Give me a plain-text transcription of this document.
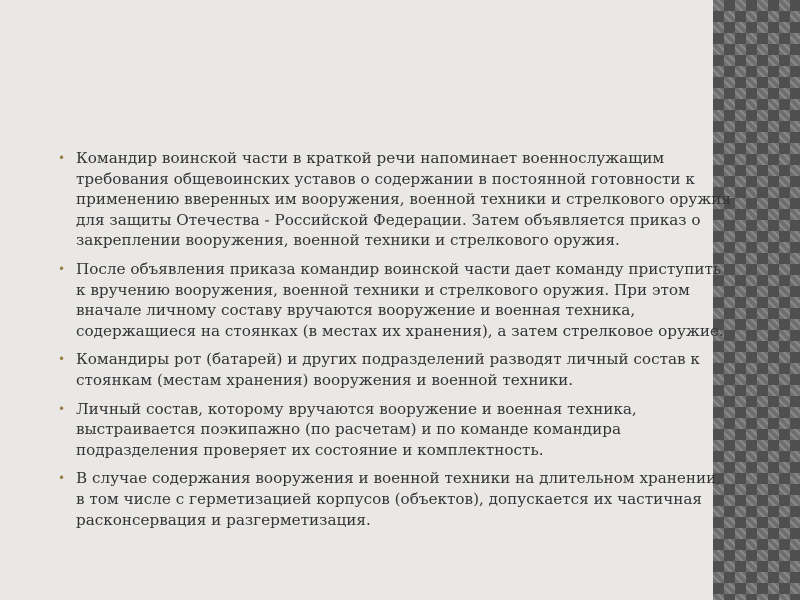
• Командир воинской части в краткой речи напоминает военнослужащим требования общевоинских уставов о содержании в постоянной готовности к применению вверенных им вооружения, военной техники и стрелкового оружия для защиты Отечества - Российской Федерации. Затем объявляется приказ о закреплении вооружения, военной техники и стрелкового оружия.
• После объявления приказа командир воинской части дает команду приступить к вручению вооружения, военной техники и стрелкового оружия. При этом вначале личному составу вручаются вооружение и военная техника, содержащиеся на стоянках (в местах их хранения), а затем стрелковое оружие.
• Командиры рот (батарей) и других подразделений разводят личный состав к стоянкам (местам хранения) вооружения и военной техники.
• Личный состав, которому вручаются вооружение и военная техника, выстраивается поэкипажно (по расчетам) и по команде командира подразделения проверяет их состояние и комплектность.
• В случае содержания вооружения и военной техники на длительном хранении, в том числе с герметизацией корпусов (объектов), допускается их частичная расконсервация и разгерметизация.
